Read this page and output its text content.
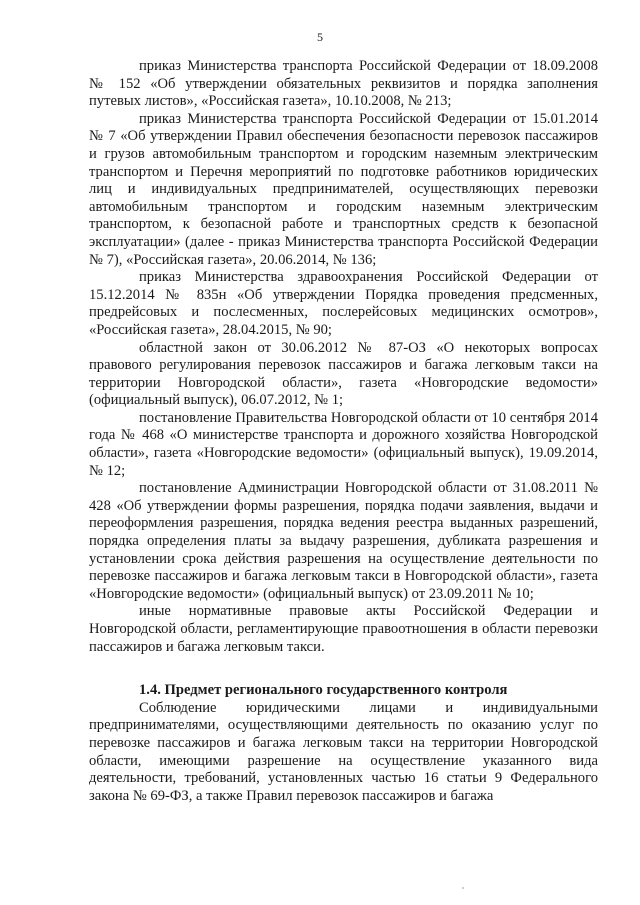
5

приказ Министерства транспорта Российской Федерации от 18.09.2008 № 152 «Об утверждении обязательных реквизитов и порядка заполнения путевых листов», «Российская газета», 10.10.2008, № 213;

приказ Министерства транспорта Российской Федерации от 15.01.2014 № 7 «Об утверждении Правил обеспечения безопасности перевозок пассажиров и грузов автомобильным транспортом и городским наземным электрическим транспортом и Перечня мероприятий по подготовке работников юридических лиц и индивидуальных предпринимателей, осуществляющих перевозки автомобильным транспортом и городским наземным электрическим транспортом, к безопасной работе и транспортных средств к безопасной эксплуатации» (далее - приказ Министерства транспорта Российской Федерации № 7), «Российская газета», 20.06.2014, № 136;

приказ Министерства здравоохранения Российской Федерации от 15.12.2014 № 835н «Об утверждении Порядка проведения предсменных, предрейсовых и послесменных, послерейсовых медицинских осмотров», «Российская газета», 28.04.2015, № 90;

областной закон от 30.06.2012 № 87-ОЗ «О некоторых вопросах правового регулирования перевозок пассажиров и багажа легковым такси на территории Новгородской области», газета «Новгородские ведомости» (официальный выпуск), 06.07.2012, № 1;

постановление Правительства Новгородской области от 10 сентября 2014 года № 468 «О министерстве транспорта и дорожного хозяйства Новгородской области», газета «Новгородские ведомости» (официальный выпуск), 19.09.2014, № 12;

постановление Администрации Новгородской области от 31.08.2011 № 428 «Об утверждении формы разрешения, порядка подачи заявления, выдачи и переоформления разрешения, порядка ведения реестра выданных разрешений, порядка определения платы за выдачу разрешения, дубликата разрешения и установлении срока действия разрешения на осуществление деятельности по перевозке пассажиров и багажа легковым такси в Новгородской области», газета «Новгородские ведомости» (официальный выпуск) от 23.09.2011 № 10;

иные нормативные правовые акты Российской Федерации и Новгородской области, регламентирующие правоотношения в области перевозки пассажиров и багажа легковым такси.

1.4. Предмет регионального государственного контроля

Соблюдение юридическими лицами и индивидуальными предпринимателями, осуществляющими деятельность по оказанию услуг по перевозке пассажиров и багажа легковым такси на территории Новгородской области, имеющими разрешение на осуществление указанного вида деятельности, требований, установленных частью 16 статьи 9 Федерального закона № 69-ФЗ, а также Правил перевозок пассажиров и багажа
